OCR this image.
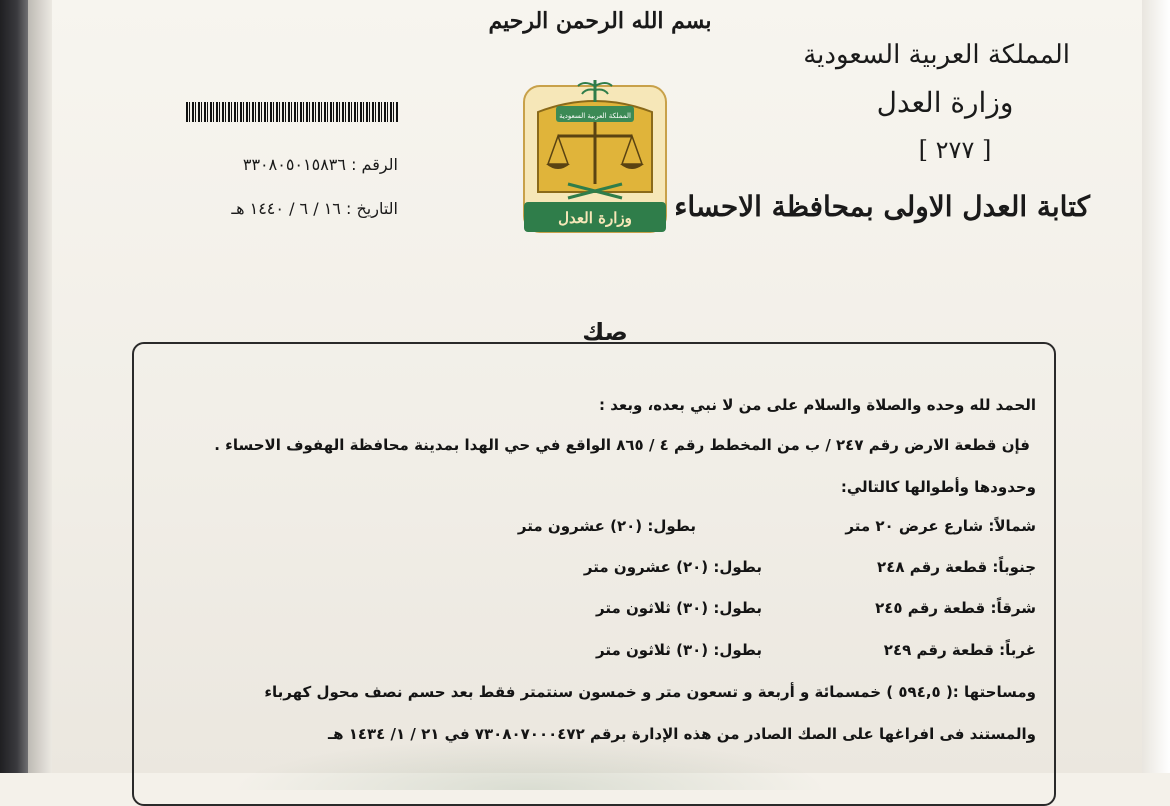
بسم الله الرحمن الرحيم
المملكة العربية السعودية
وزارة العدل
[ ٢٧٧ ]
كتابة العدل الاولى بمحافظة الاحساء
الرقم : ٣٣٠٨٠٥٠١٥٨٣٦
التاريخ : ١٦ / ٦ / ١٤٤٠ هـ
المملكة العربية السعودية
وزارة العدل
صك
الحمد لله وحده والصلاة والسلام على من لا نبي بعده، وبعد :
فإن قطعة الارض رقم ٢٤٧ / ب من المخطط رقم ٤ / ٨٦٥ الواقع في حي الهدا بمدينة محافظة الهفوف الاحساء .
وحدودها وأطوالها كالتالي:
شمالاً: شارع عرض ٢٠ متر
بطول: (٢٠) عشرون متر
جنوباً: قطعة رقم ٢٤٨
بطول: (٢٠) عشرون متر
شرقاً: قطعة رقم ٢٤٥
بطول: (٣٠) ثلاثون متر
غرباً: قطعة رقم ٢٤٩
بطول: (٣٠) ثلاثون متر
ومساحتها :( ٥٩٤,٥ ) خمسمائة و أربعة و تسعون متر و خمسون سنتمتر فقط بعد حسم نصف محول كهرباء
والمستند فى افراغها على الصك الصادر من هذه الإدارة برقم ٧٣٠٨٠٧٠٠٠٤٧٢ في ٢١ / ١/ ١٤٣٤ هـ
